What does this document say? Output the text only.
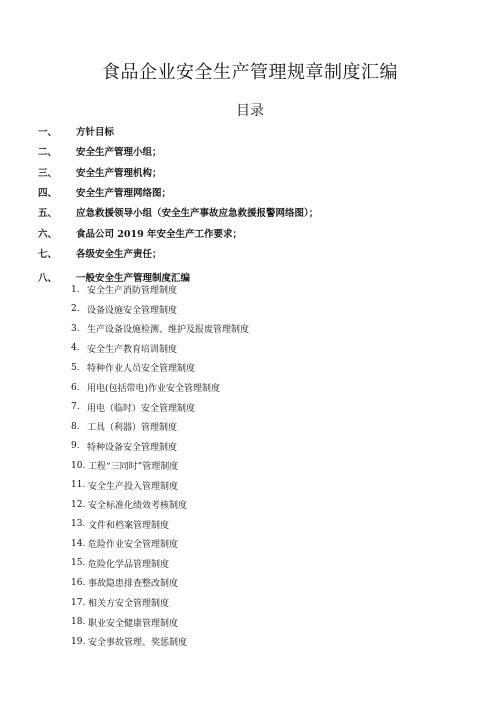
食品企业安全生产管理规章制度汇编
目录
一、	方针目标
二、	安全生产管理小组；
三、	安全生产管理机构；
四、	安全生产管理网络图；
五、	应急救援领导小组（安全生产事故应急救援报警网络图）；
六、	食品公司 2019 年安全生产工作要求；
七、	各级安全生产责任；
八、	一般安全生产管理制度汇编
1. 安全生产消防管理制度
2. 设备设施安全管理制度
3. 生产设备设施检测、维护及报废管理制度
4. 安全生产教育培训制度
5. 特种作业人员安全管理制度
6. 用电(包括带电)作业安全管理制度
7. 用电（临时）安全管理制度
8. 工具（利器）管理制度
9. 特种设备安全管理制度
10. 工程“三同时”管理制度
11. 安全生产投入管理制度
12. 安全标准化绩效考核制度
13. 文件和档案管理制度
14. 危险作业安全管理制度
15. 危险化学品管理制度
16. 事故隐患排查整改制度
17. 相关方安全管理制度
18. 职业安全健康管理制度
19. 安全事故管理、奖惩制度
